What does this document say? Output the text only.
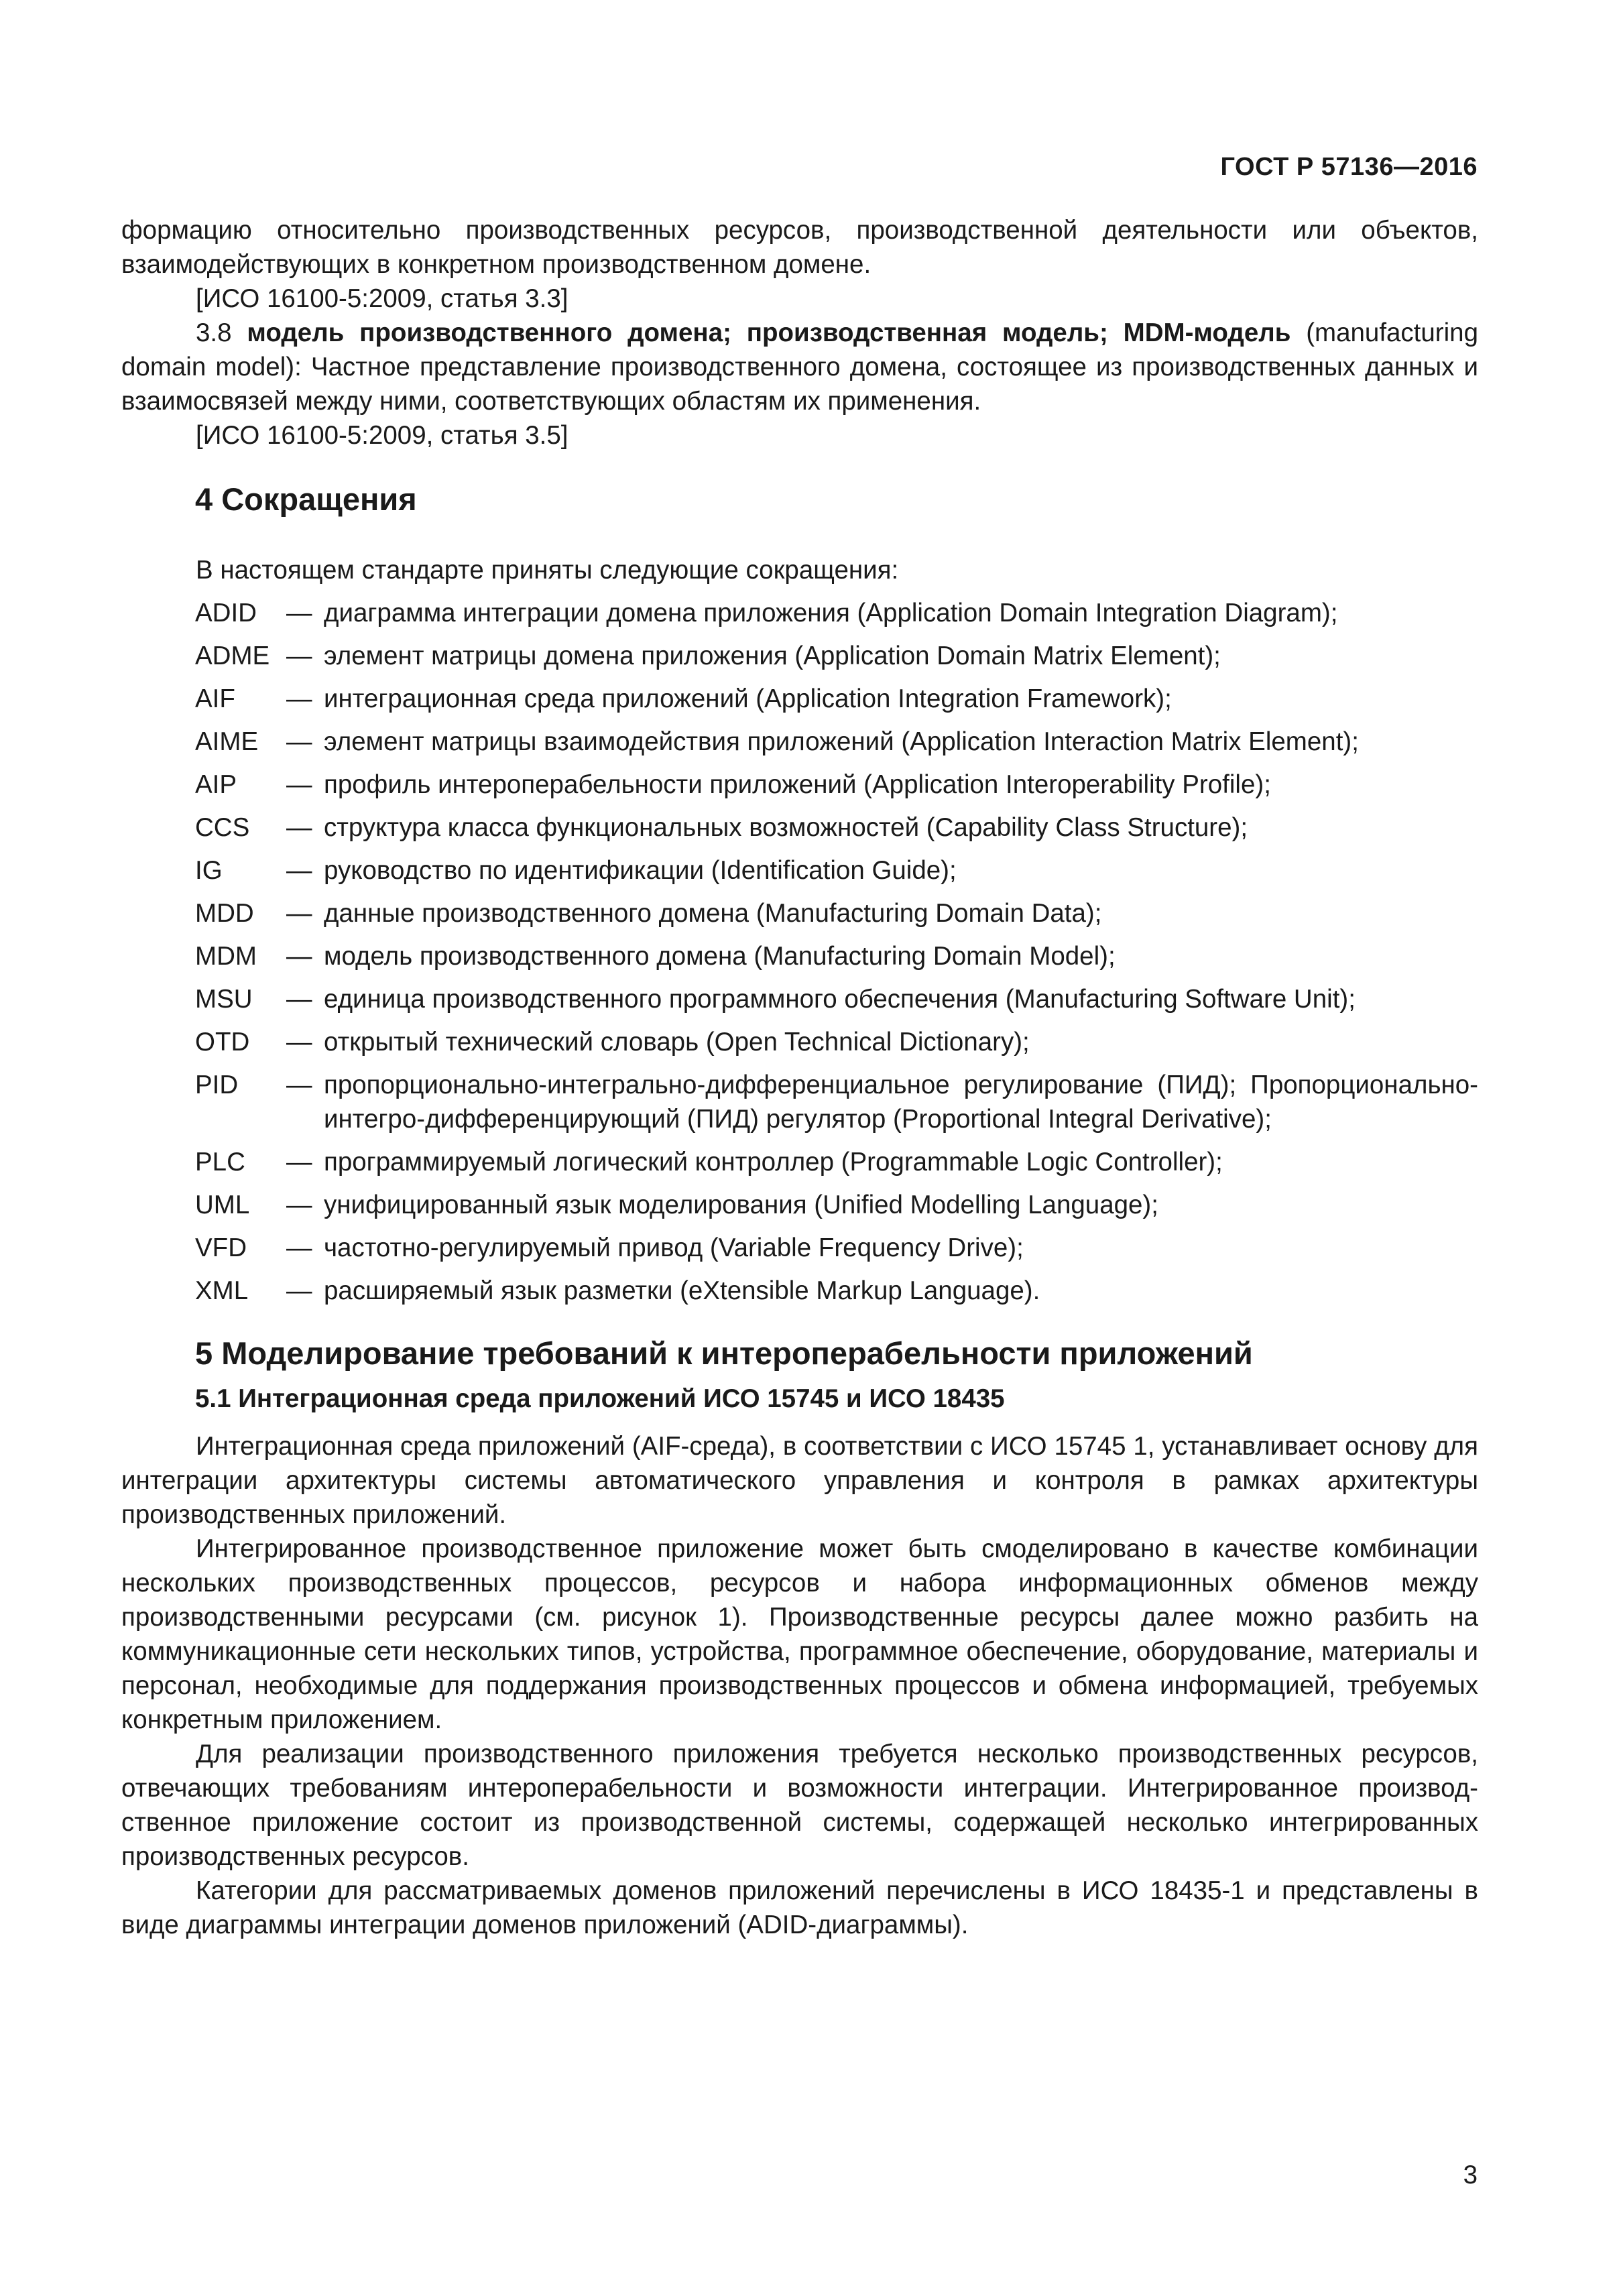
ГОСТ Р 57136—2016

формацию относительно производственных ресурсов, производственной деятельности или объектов, взаимодействующих в конкретном производственном домене.

[ИСО 16100-5:2009, статья 3.3]

3.8 модель производственного домена; производственная модель; MDM-модель (manufacturing domain model): Частное представление производственного домена, состоящее из производственных данных и взаимосвязей между ними, соответствующих областям их применения.

[ИСО 16100-5:2009, статья 3.5]

4 Сокращения

В настоящем стандарте приняты следующие сокращения:

ADID	— диаграмма интеграции домена приложения (Application Domain Integration Diagram);
ADME — элемент матрицы домена приложения (Application Domain Matrix Element);
AIF	— интеграционная среда приложений (Application Integration Framework);
AIME	— элемент матрицы взаимодействия приложений (Application Interaction Matrix Element);
AIP	— профиль интероперабельности приложений (Application Interoperability Profile);
CCS	— структура класса функциональных возможностей (Capability Class Structure);
IG	— руководство по идентификации (Identification Guide);
MDD	— данные производственного домена (Manufacturing Domain Data);
MDM	— модель производственного домена (Manufacturing Domain Model);
MSU	— единица производственного программного обеспечения (Manufacturing Software Unit);
OTD	— открытый технический словарь (Open Technical Dictionary);
PID	— пропорционально-интегрально-дифференциальное регулирование (ПИД); Пропорционально-интегро-дифференцирующий (ПИД) регулятор (Proportional Integral Derivative);
PLC	— программируемый логический контроллер (Programmable Logic Controller);
UML	— унифицированный язык моделирования (Unified Modelling Language);
VFD	— частотно-регулируемый привод (Variable Frequency Drive);
XML	— расширяемый язык разметки (eXtensible Markup Language).
5 Моделирование требований к интероперабельности приложений
5.1 Интеграционная среда приложений ИСО 15745 и ИСО 18435

Интеграционная среда приложений (AIF-среда), в соответствии с ИСО 15745 1, устанавливает основу для интеграции архитектуры системы автоматического управления и контроля в рамках архитектуры производственных приложений.

Интегрированное производственное приложение может быть смоделировано в качестве комбинации нескольких производственных процессов, ресурсов и набора информационных обменов между производственными ресурсами (см. рисунок 1). Производственные ресурсы далее можно разбить на коммуникационные сети нескольких типов, устройства, программное обеспечение, оборудование, материалы и персонал, необходимые для поддержания производственных процессов и обмена информацией, требуемых конкретным приложением.

Для реализации производственного приложения требуется несколько производственных ресурсов, отвечающих требованиям интероперабельности и возможности интеграции. Интегрированное производственное приложение состоит из производственной системы, содержащей несколько интегрированных производственных ресурсов.

Категории для рассматриваемых доменов приложений перечислены в ИСО 18435-1 и представлены в виде диаграммы интеграции доменов приложений (ADID-диаграммы).

3
